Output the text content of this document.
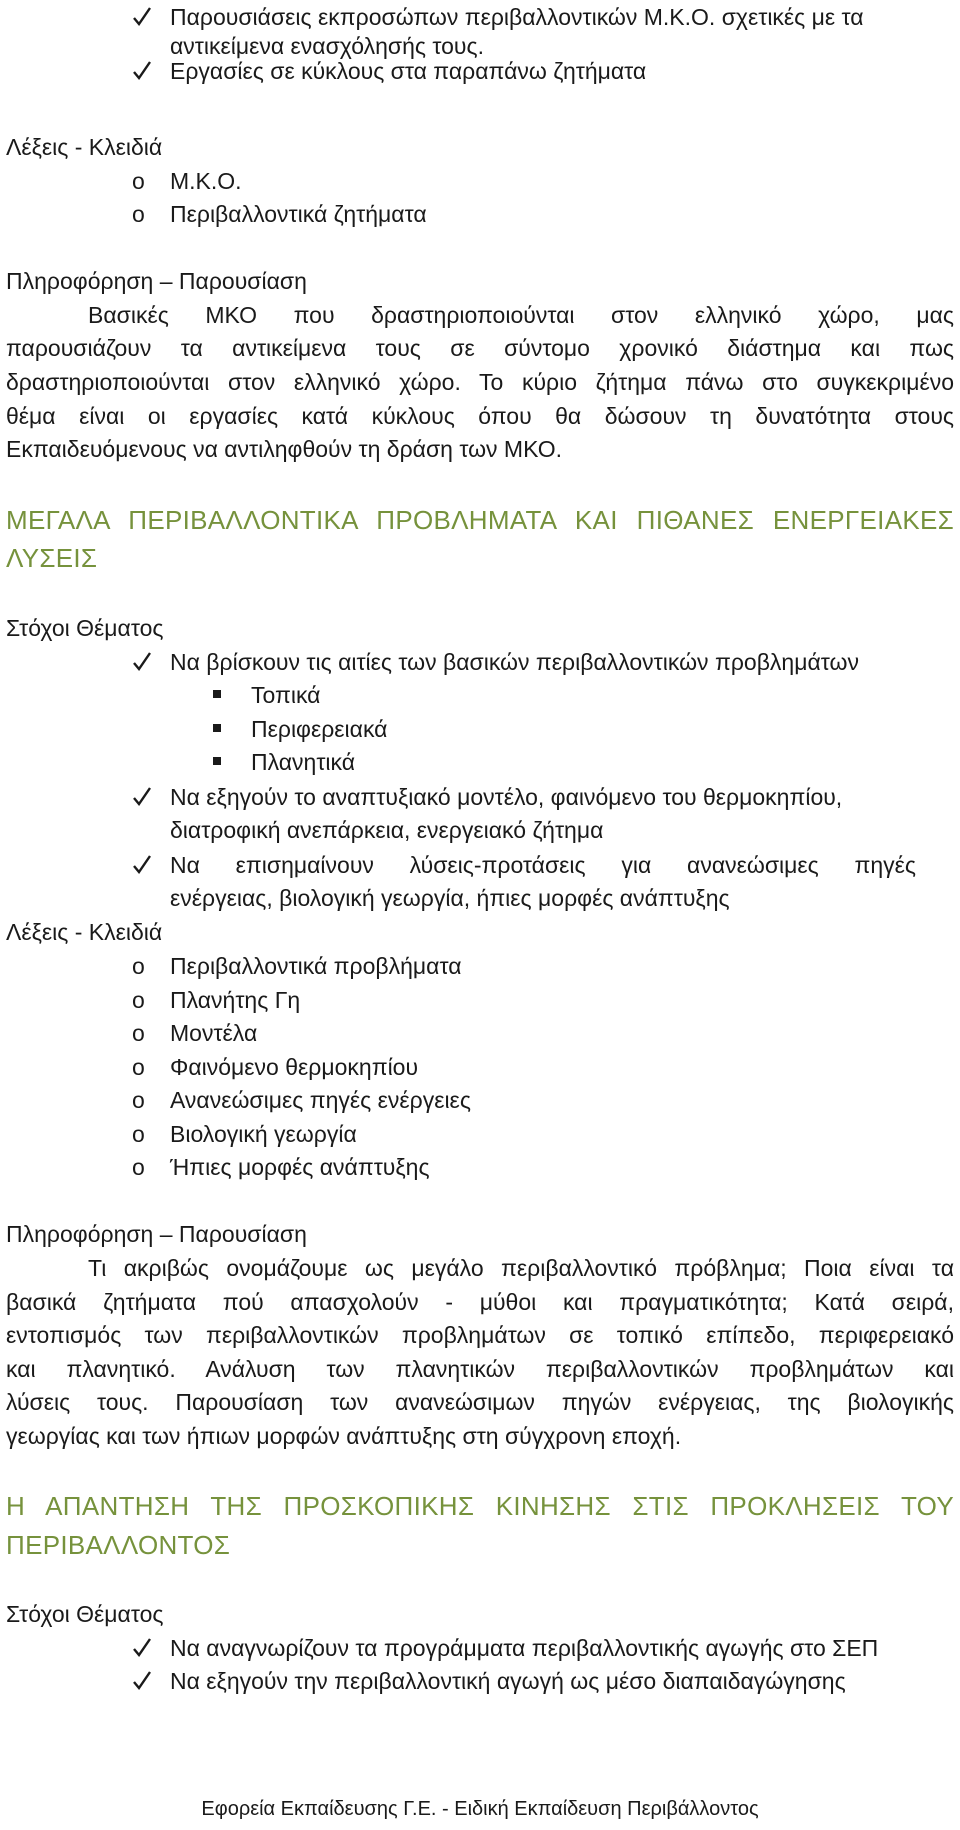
Παρουσιάσεις εκπροσώπων περιβαλλοντικών Μ.Κ.Ο. σχετικές με τα
αντικείμενα ενασχόλησής τους.
Εργασίες σε κύκλους στα παραπάνω ζητήματα
Λέξεις - Κλειδιά
o Μ.Κ.Ο.
o Περιβαλλοντικά ζητήματα
Πληροφόρηση – Παρουσίαση
Βασικές ΜΚΟ που δραστηριοποιούνται στον ελληνικό χώρο, μας
παρουσιάζουν τα αντικείμενα τους σε σύντομο χρονικό διάστημα και πως
δραστηριοποιούνται στον ελληνικό χώρο. Το κύριο ζήτημα πάνω στο συγκεκριμένο
θέμα είναι οι εργασίες κατά κύκλους όπου θα δώσουν τη δυνατότητα στους
Εκπαιδευόμενους να αντιληφθούν τη δράση των ΜΚΟ.
ΜΕΓΑΛΑ ΠΕΡΙΒΑΛΛΟΝΤΙΚΑ ΠΡΟΒΛΗΜΑΤΑ ΚΑΙ ΠΙΘΑΝΕΣ ΕΝΕΡΓΕΙΑΚΕΣ
ΛΥΣΕΙΣ
Στόχοι Θέματος
Να βρίσκουν τις αιτίες των βασικών περιβαλλοντικών προβλημάτων
Τοπικά
Περιφερειακά
Πλανητικά
Να εξηγούν το αναπτυξιακό μοντέλο, φαινόμενο του θερμοκηπίου,
διατροφική ανεπάρκεια, ενεργειακό ζήτημα
Να επισημαίνουν λύσεις-προτάσεις για ανανεώσιμες πηγές
ενέργειας, βιολογική γεωργία, ήπιες μορφές ανάπτυξης
Λέξεις - Κλειδιά
o Περιβαλλοντικά προβλήματα
o Πλανήτης Γη
o Μοντέλα
o Φαινόμενο θερμοκηπίου
o Ανανεώσιμες πηγές ενέργειες
o Βιολογική γεωργία
o Ήπιες μορφές ανάπτυξης
Πληροφόρηση – Παρουσίαση
Τι ακριβώς ονομάζουμε ως μεγάλο περιβαλλοντικό πρόβλημα; Ποια είναι τα
βασικά ζητήματα πού απασχολούν - μύθοι και πραγματικότητα; Κατά σειρά,
εντοπισμός των περιβαλλοντικών προβλημάτων σε τοπικό επίπεδο, περιφερειακό
και πλανητικό. Ανάλυση των πλανητικών περιβαλλοντικών προβλημάτων και
λύσεις τους. Παρουσίαση των ανανεώσιμων πηγών ενέργειας, της βιολογικής
γεωργίας και των ήπιων μορφών ανάπτυξης στη σύγχρονη εποχή.
Η ΑΠΑΝΤΗΣΗ ΤΗΣ ΠΡΟΣΚΟΠΙΚΗΣ ΚΙΝΗΣΗΣ ΣΤΙΣ ΠΡΟΚΛΗΣΕΙΣ ΤΟΥ
ΠΕΡΙΒΑΛΛΟΝΤΟΣ
Στόχοι Θέματος
Να αναγνωρίζουν τα προγράμματα περιβαλλοντικής αγωγής στο ΣΕΠ
Να εξηγούν την περιβαλλοντική αγωγή ως μέσο διαπαιδαγώγησης
Εφορεία Εκπαίδευσης Γ.Ε. - Ειδική Εκπαίδευση Περιβάλλοντος
